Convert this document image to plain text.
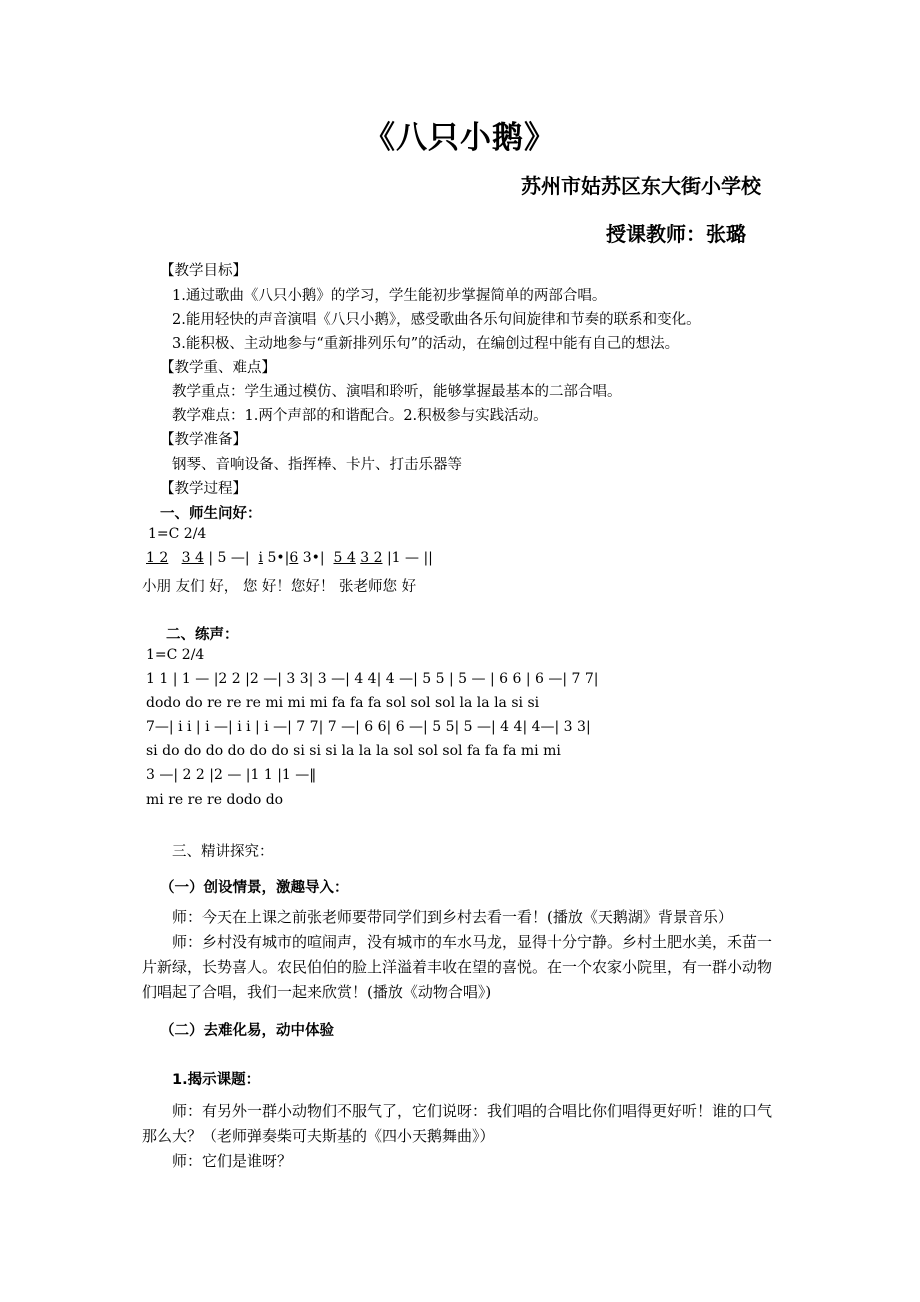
《八只小鹅》
苏州市姑苏区东大街小学校
授课教师：张璐
【教学目标】
1.通过歌曲《八只小鹅》的学习，学生能初步掌握简单的两部合唱。
2.能用轻快的声音演唱《八只小鹅》，感受歌曲各乐句间旋律和节奏的联系和变化。
3.能积极、主动地参与“重新排列乐句”的活动，在编创过程中能有自己的想法。
【教学重、难点】
教学重点：学生通过模仿、演唱和聆听，能够掌握最基本的二部合唱。
教学难点：1.两个声部的和谐配合。2.积极参与实践活动。
【教学准备】
钢琴、音响设备、指挥棒、卡片、打击乐器等
【教学过程】
一、师生问好：
1=C 2/4
1 2 3 4 | 5 —| i 5•|6 3•| 5 4 3 2 |1 — ||
小朋 友们 好， 您 好！您好！ 张老师您 好
二、练声：
1=C 2/4
1 1 | 1 — |2 2 |2 —| 3 3| 3 —| 4 4| 4 —| 5 5 | 5 — | 6 6 | 6 —| 7 7|
dodo do re re re mi mi mi fa fa fa sol sol sol la la la si si
7—| i i | i —| i i | i —| 7 7| 7 —| 6 6| 6 —| 5 5| 5 —| 4 4| 4—| 3 3|
si do do do do do do si si si la la la sol sol sol fa fa fa mi mi
3 —| 2 2 |2 — |1 1 |1 —‖
mi re re re dodo do
三、精讲探究：
（一）创设情景，激趣导入：
师：今天在上课之前张老师要带同学们到乡村去看一看！(播放《天鹅湖》背景音乐）
师：乡村没有城市的喧闹声，没有城市的车水马龙，显得十分宁静。乡村土肥水美，禾苗一片新绿，长势喜人。农民伯伯的脸上洋溢着丰收在望的喜悦。在一个农家小院里，有一群小动物们唱起了合唱，我们一起来欣赏！(播放《动物合唱》)
（二）去难化易，动中体验
1.揭示课题：
师：有另外一群小动物们不服气了，它们说呀：我们唱的合唱比你们唱得更好听！谁的口气那么大？（老师弹奏柴可夫斯基的《四小天鹅舞曲》）
师：它们是谁呀？
